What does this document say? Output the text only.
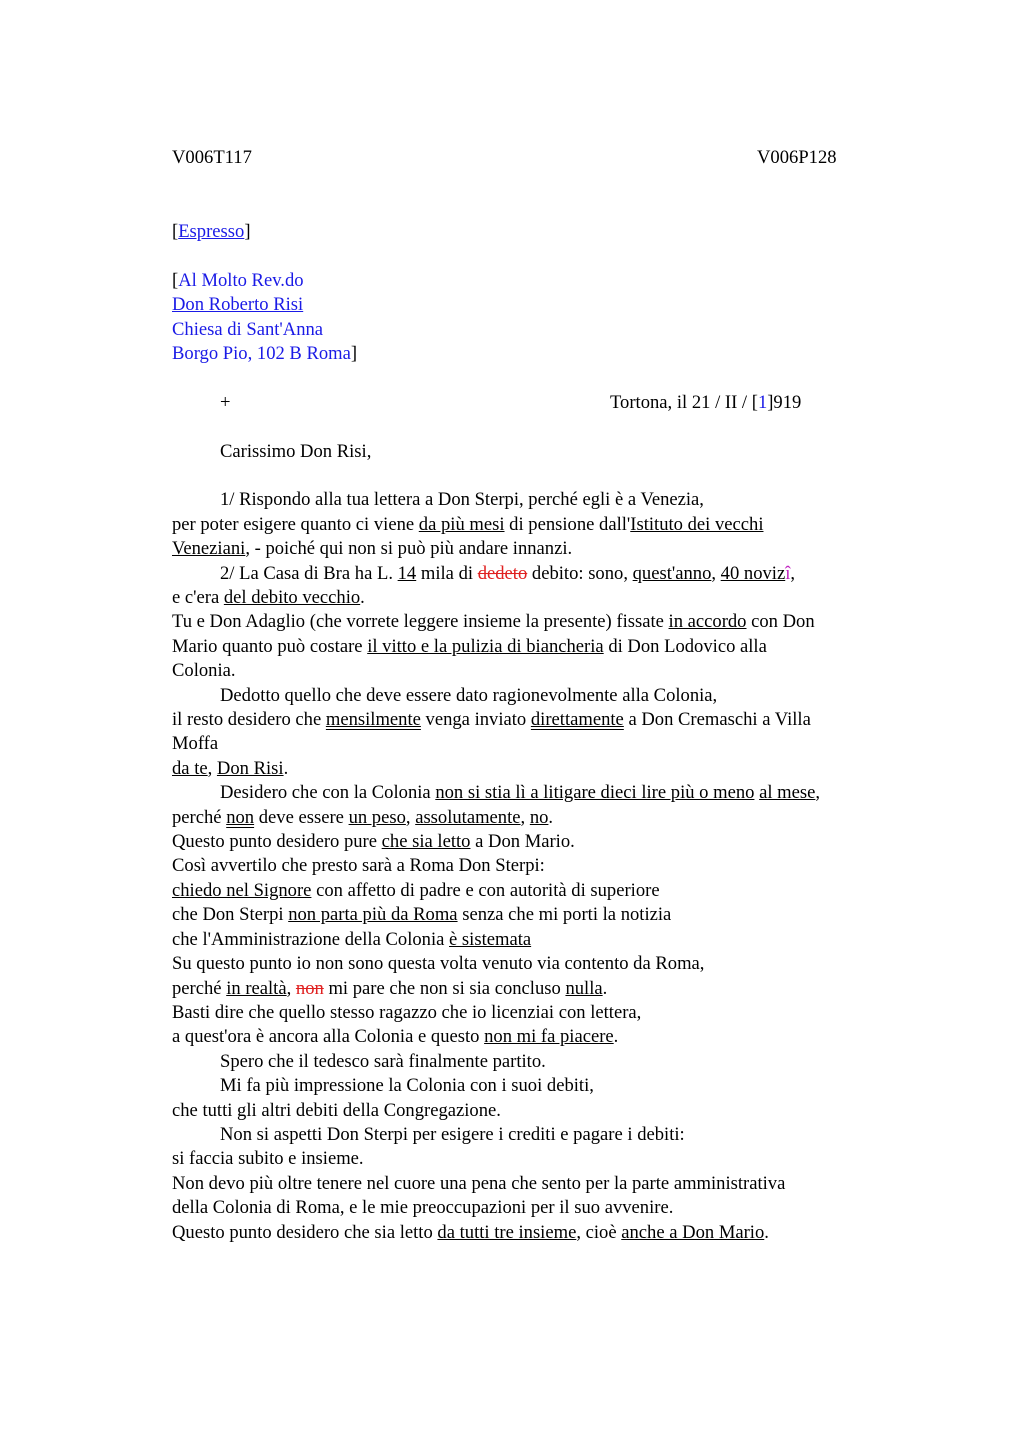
V006T117	V006P128
[Espresso]
[Al Molto Rev.do
Don Roberto Risi
Chiesa di Sant'Anna
Borgo Pio, 102 B Roma]
+	Tortona, il 21 / II / [1]919
Carissimo Don Risi,
1/ Rispondo alla tua lettera a Don Sterpi, perché egli è a Venezia,
per poter esigere quanto ci viene da più mesi di pensione dall'Istituto dei vecchi
Veneziani, - poiché qui non si può più andare innanzi.
2/ La Casa di Bra ha L. 14 mila di dedeto debito: sono, quest'anno, 40 novizî,
e c'era del debito vecchio.
Tu e Don Adaglio (che vorrete leggere insieme la presente) fissate in accordo con Don
Mario quanto può costare il vitto e la pulizia di biancheria di Don Lodovico alla
Colonia.
Dedotto quello che deve essere dato ragionevolmente alla Colonia,
il resto desidero che mensilmente venga inviato direttamente a Don Cremaschi a Villa
Moffa
da te, Don Risi.
Desidero che con la Colonia non si stia lì a litigare dieci lire più o meno al mese,
perché non deve essere un peso, assolutamente, no.
Questo punto desidero pure che sia letto a Don Mario.
Così avvertilo che presto sarà a Roma Don Sterpi:
chiedo nel Signore con affetto di padre e con autorità di superiore
che Don Sterpi non parta più da Roma senza che mi porti la notizia
che l'Amministrazione della Colonia è sistemata
Su questo punto io non sono questa volta venuto via contento da Roma,
perché in realtà, non mi pare che non si sia concluso nulla.
Basti dire che quello stesso ragazzo che io licenziai con lettera,
a quest'ora è ancora alla Colonia e questo non mi fa piacere.
Spero che il tedesco sarà finalmente partito.
Mi fa più impressione la Colonia con i suoi debiti,
che tutti gli altri debiti della Congregazione.
Non si aspetti Don Sterpi per esigere i crediti e pagare i debiti:
si faccia subito e insieme.
Non devo più oltre tenere nel cuore una pena che sento per la parte amministrativa
della Colonia di Roma, e le mie preoccupazioni per il suo avvenire.
Questo punto desidero che sia letto da tutti tre insieme, cioè anche a Don Mario.
